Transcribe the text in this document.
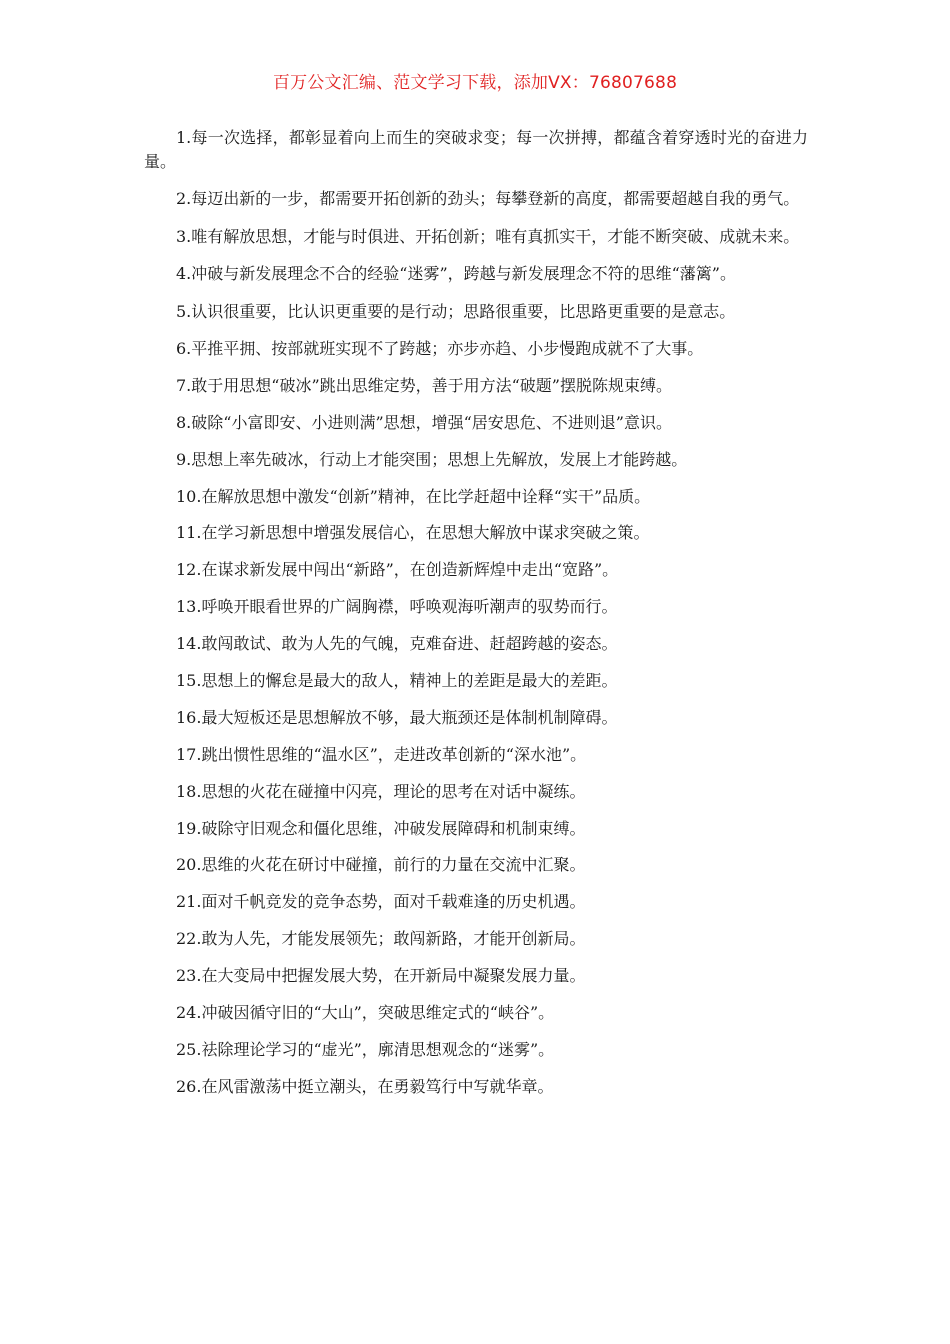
百万公文汇编、范文学习下载，添加VX：76807688

1.每一次选择，都彰显着向上而生的突破求变；每一次拼搏，都蕴含着穿透时光的奋进力量。

2.每迈出新的一步，都需要开拓创新的劲头；每攀登新的高度，都需要超越自我的勇气。

3.唯有解放思想，才能与时俱进、开拓创新；唯有真抓实干，才能不断突破、成就未来。

4.冲破与新发展理念不合的经验“迷雾”，跨越与新发展理念不符的思维“藩篱”。

5.认识很重要，比认识更重要的是行动；思路很重要，比思路更重要的是意志。

6.平推平拥、按部就班实现不了跨越；亦步亦趋、小步慢跑成就不了大事。

7.敢于用思想“破冰”跳出思维定势，善于用方法“破题”摆脱陈规束缚。

8.破除“小富即安、小进则满”思想，增强“居安思危、不进则退”意识。

9.思想上率先破冰，行动上才能突围；思想上先解放，发展上才能跨越。

10.在解放思想中激发“创新”精神，在比学赶超中诠释“实干”品质。

11.在学习新思想中增强发展信心，在思想大解放中谋求突破之策。

12.在谋求新发展中闯出“新路”，在创造新辉煌中走出“宽路”。

13.呼唤开眼看世界的广阔胸襟，呼唤观海听潮声的驭势而行。

14.敢闯敢试、敢为人先的气魄，克难奋进、赶超跨越的姿态。

15.思想上的懈怠是最大的敌人，精神上的差距是最大的差距。

16.最大短板还是思想解放不够，最大瓶颈还是体制机制障碍。

17.跳出惯性思维的“温水区”，走进改革创新的“深水池”。

18.思想的火花在碰撞中闪亮，理论的思考在对话中凝练。

19.破除守旧观念和僵化思维，冲破发展障碍和机制束缚。

20.思维的火花在研讨中碰撞，前行的力量在交流中汇聚。

21.面对千帆竞发的竞争态势，面对千载难逢的历史机遇。

22.敢为人先，才能发展领先；敢闯新路，才能开创新局。

23.在大变局中把握发展大势，在开新局中凝聚发展力量。

24.冲破因循守旧的“大山”，突破思维定式的“峡谷”。

25.祛除理论学习的“虚光”，廓清思想观念的“迷雾”。

26.在风雷激荡中挺立潮头，在勇毅笃行中写就华章。
